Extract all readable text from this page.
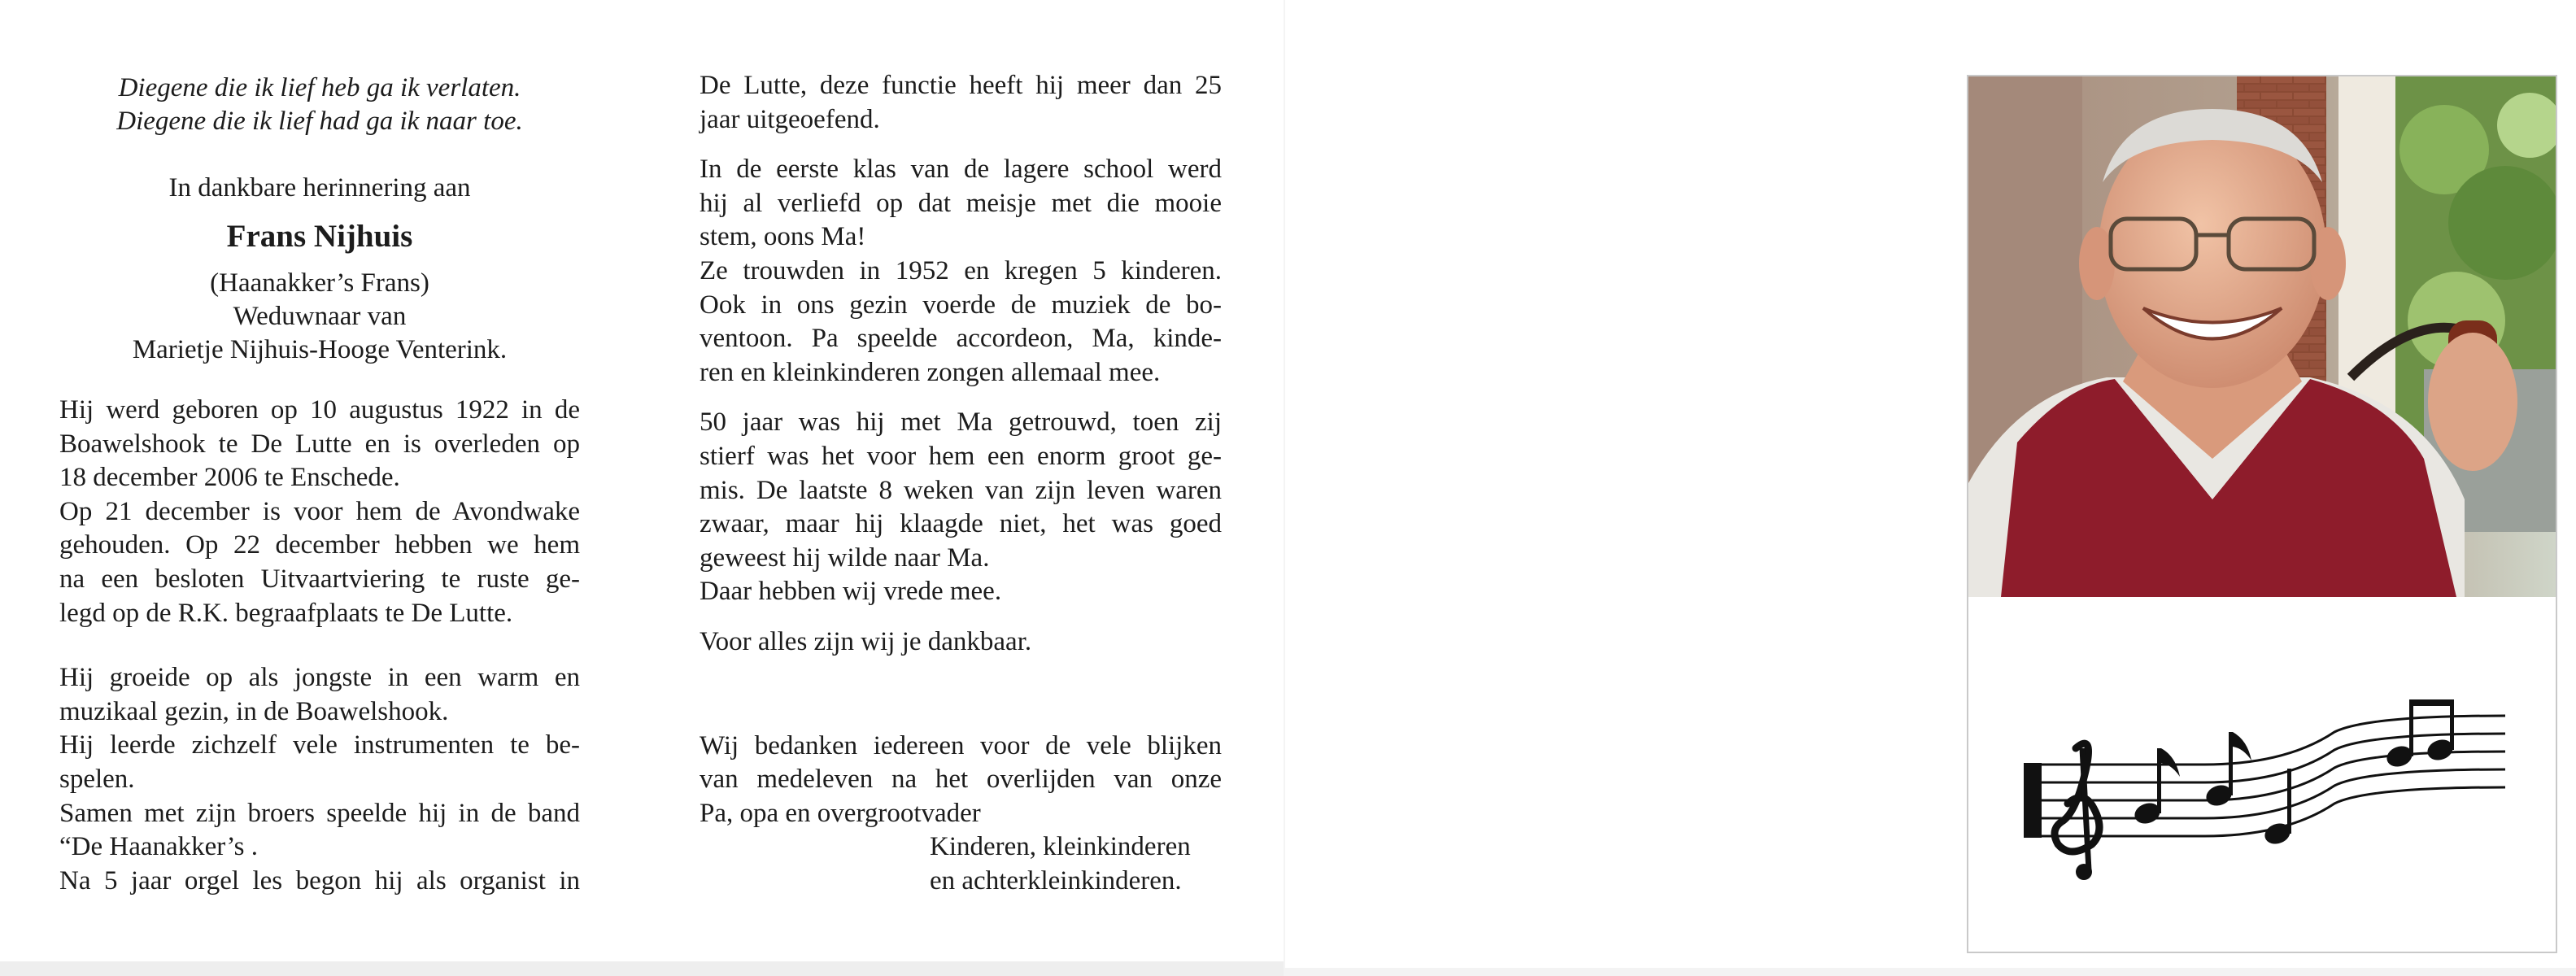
Diegene die ik lief heb ga ik verlaten.
Diegene die ik lief had ga ik naar toe.
In dankbare herinnering aan
Frans Nijhuis
(Haanakker’s Frans)
Weduwnaar van
Marietje Nijhuis-Hooge Venterink.

Hij werd geboren op 10 augustus 1922 in de

Boawelshook te De Lutte en is overleden op

18 december 2006 te Enschede.

Op 21 december is voor hem de Avondwake

gehouden. Op 22 december hebben we hem

na een besloten Uitvaartviering te ruste ge-

legd op de R.K. begraafplaats te De Lutte.

Hij groeide op als jongste in een warm en

muzikaal gezin, in de Boawelshook.

Hij leerde zichzelf vele instrumenten te be-

spelen.

Samen met zijn broers speelde hij in de band

“De Haanakker’s .

Na 5 jaar orgel les begon hij als organist in

De Lutte, deze functie heeft hij meer dan 25

jaar uitgeoefend.

In de eerste klas van de lagere school werd

hij al verliefd op dat meisje met die mooie

stem, oons Ma!

Ze trouwden in 1952 en kregen 5 kinderen.

Ook in ons gezin voerde de muziek de bo-

ventoon. Pa speelde accordeon, Ma, kinde-

ren en kleinkinderen zongen allemaal mee.

50 jaar was hij met Ma getrouwd, toen zij

stierf was het voor hem een enorm groot ge-

mis. De laatste 8 weken van zijn leven waren

zwaar, maar hij klaagde niet, het was goed

geweest hij wilde naar Ma.

Daar hebben wij vrede mee.

Voor alles zijn wij je dankbaar.

Wij bedanken iedereen voor de vele blijken

van medeleven na het overlijden van onze

Pa, opa en overgrootvader

Kinderen, kleinkinderen

en achterkleinkinderen.
